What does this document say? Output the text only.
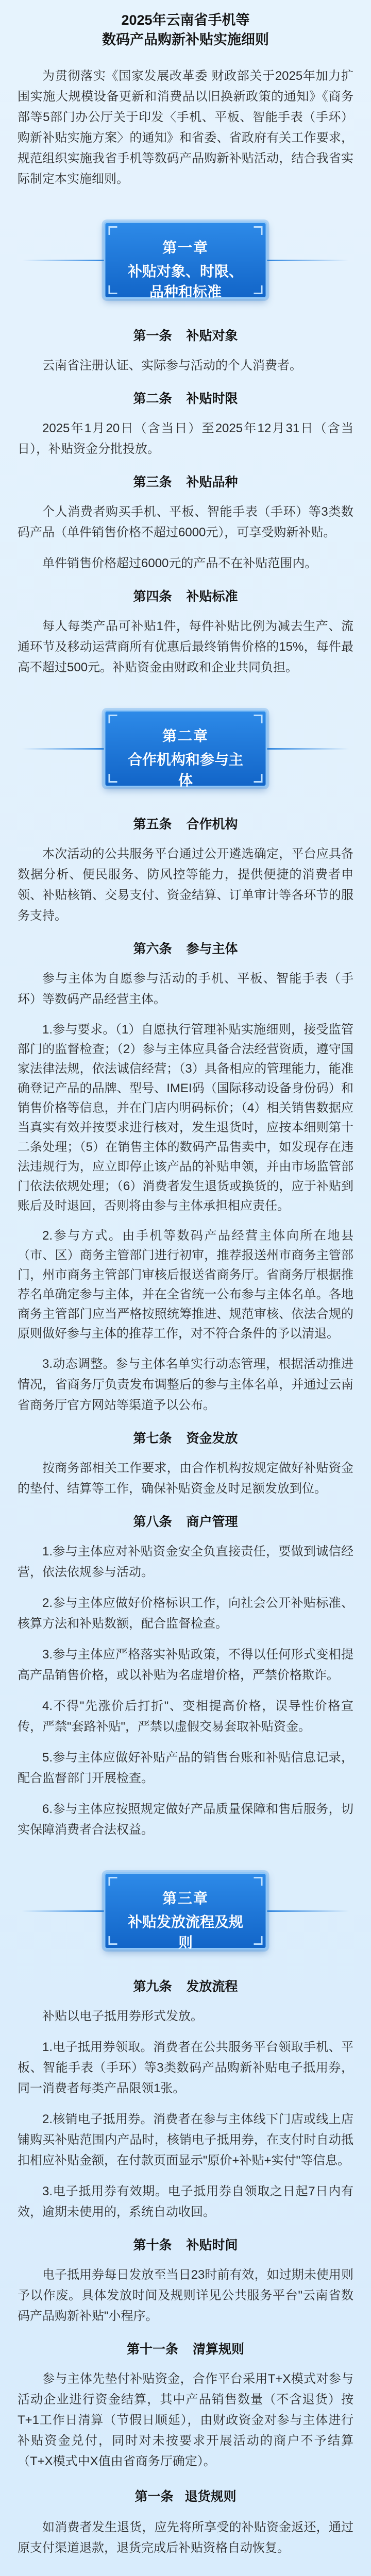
2025年云南省手机等
数码产品购新补贴实施细则

为贯彻落实《国家发展改革委 财政部关于2025年加力扩围实施大规模设备更新和消费品以旧换新政策的通知》《商务部等5部门办公厅关于印发〈手机、平板、智能手表（手环）购新补贴实施方案〉的通知》和省委、省政府有关工作要求，规范组织实施我省手机等数码产品购新补贴活动，结合我省实际制定本实施细则。

第一章
补贴对象、时限、品种和标准
第一条 补贴对象

云南省注册认证、实际参与活动的个人消费者。

第二条 补贴时限

2025年1月20日（含当日）至2025年12月31日（含当日），补贴资金分批投放。

第三条 补贴品种

个人消费者购买手机、平板、智能手表（手环）等3类数码产品（单件销售价格不超过6000元），可享受购新补贴。

单件销售价格超过6000元的产品不在补贴范围内。

第四条 补贴标准

每人每类产品可补贴1件，每件补贴比例为减去生产、流通环节及移动运营商所有优惠后最终销售价格的15%，每件最高不超过500元。补贴资金由财政和企业共同负担。

第二章
合作机构和参与主体
第五条 合作机构

本次活动的公共服务平台通过公开遴选确定，平台应具备数据分析、便民服务、防风控等能力，提供便捷的消费者申领、补贴核销、交易支付、资金结算、订单审计等各环节的服务支持。

第六条 参与主体

参与主体为自愿参与活动的手机、平板、智能手表（手环）等数码产品经营主体。

1.参与要求。（1）自愿执行管理补贴实施细则，接受监管部门的监督检查；（2）参与主体应具备合法经营资质，遵守国家法律法规，依法诚信经营；（3）具备相应的管理能力，能准确登记产品的品牌、型号、IMEI码（国际移动设备身份码）和销售价格等信息，并在门店内明码标价；（4）相关销售数据应当真实有效并按要求进行核对，发生退货时，应按本细则第十二条处理；（5）在销售主体的数码产品售卖中，如发现存在违法违规行为，应立即停止该产品的补贴申领，并由市场监管部门依法依规处理；（6）消费者发生退货或换货的，应于补贴到账后及时退回，否则将由参与主体承担相应责任。

2.参与方式。由手机等数码产品经营主体向所在地县（市、区）商务主管部门进行初审，推荐报送州市商务主管部门，州市商务主管部门审核后报送省商务厅。省商务厅根据推荐名单确定参与主体，并在全省统一公布参与主体名单。各地商务主管部门应当严格按照统筹推进、规范审核、依法合规的原则做好参与主体的推荐工作，对不符合条件的予以清退。

3.动态调整。参与主体名单实行动态管理，根据活动推进情况，省商务厅负责发布调整后的参与主体名单，并通过云南省商务厅官方网站等渠道予以公布。

第七条 资金发放

按商务部相关工作要求，由合作机构按规定做好补贴资金的垫付、结算等工作，确保补贴资金及时足额发放到位。

第八条 商户管理

1.参与主体应对补贴资金安全负直接责任，要做到诚信经营，依法依规参与活动。

2.参与主体应做好价格标识工作，向社会公开补贴标准、核算方法和补贴数额，配合监督检查。

3.参与主体应严格落实补贴政策，不得以任何形式变相提高产品销售价格，或以补贴为名虚增价格，严禁价格欺诈。

4.不得"先涨价后打折"、变相提高价格，误导性价格宣传，严禁"套路补贴"，严禁以虚假交易套取补贴资金。

5.参与主体应做好补贴产品的销售台账和补贴信息记录，配合监督部门开展检查。

6.参与主体应按照规定做好产品质量保障和售后服务，切实保障消费者合法权益。

第三章
补贴发放流程及规则
第九条 发放流程

补贴以电子抵用券形式发放。

1.电子抵用券领取。消费者在公共服务平台领取手机、平板、智能手表（手环）等3类数码产品购新补贴电子抵用券，同一消费者每类产品限领1张。

2.核销电子抵用券。消费者在参与主体线下门店或线上店铺购买补贴范围内产品时，核销电子抵用券，在支付时自动抵扣相应补贴金额，在付款页面显示"原价+补贴+实付"等信息。

3.电子抵用券有效期。电子抵用券自领取之日起7日内有效，逾期未使用的，系统自动收回。

第十条 补贴时间

电子抵用券每日发放至当日23时前有效，如过期未使用则予以作废。具体发放时间及规则详见公共服务平台"云南省数码产品购新补贴"小程序。

第十一条 清算规则

参与主体先垫付补贴资金，合作平台采用T+X模式对参与活动企业进行资金结算，其中产品销售数量（不含退货）按T+1工作日清算（节假日顺延），由财政资金对参与主体进行补贴资金兑付，同时对未按要求开展活动的商户不予结算（T+X模式中X值由省商务厅确定）。

第一条 退货规则

如消费者发生退货，应先将所享受的补贴资金返还，通过原支付渠道退款，退货完成后补贴资格自动恢复。
